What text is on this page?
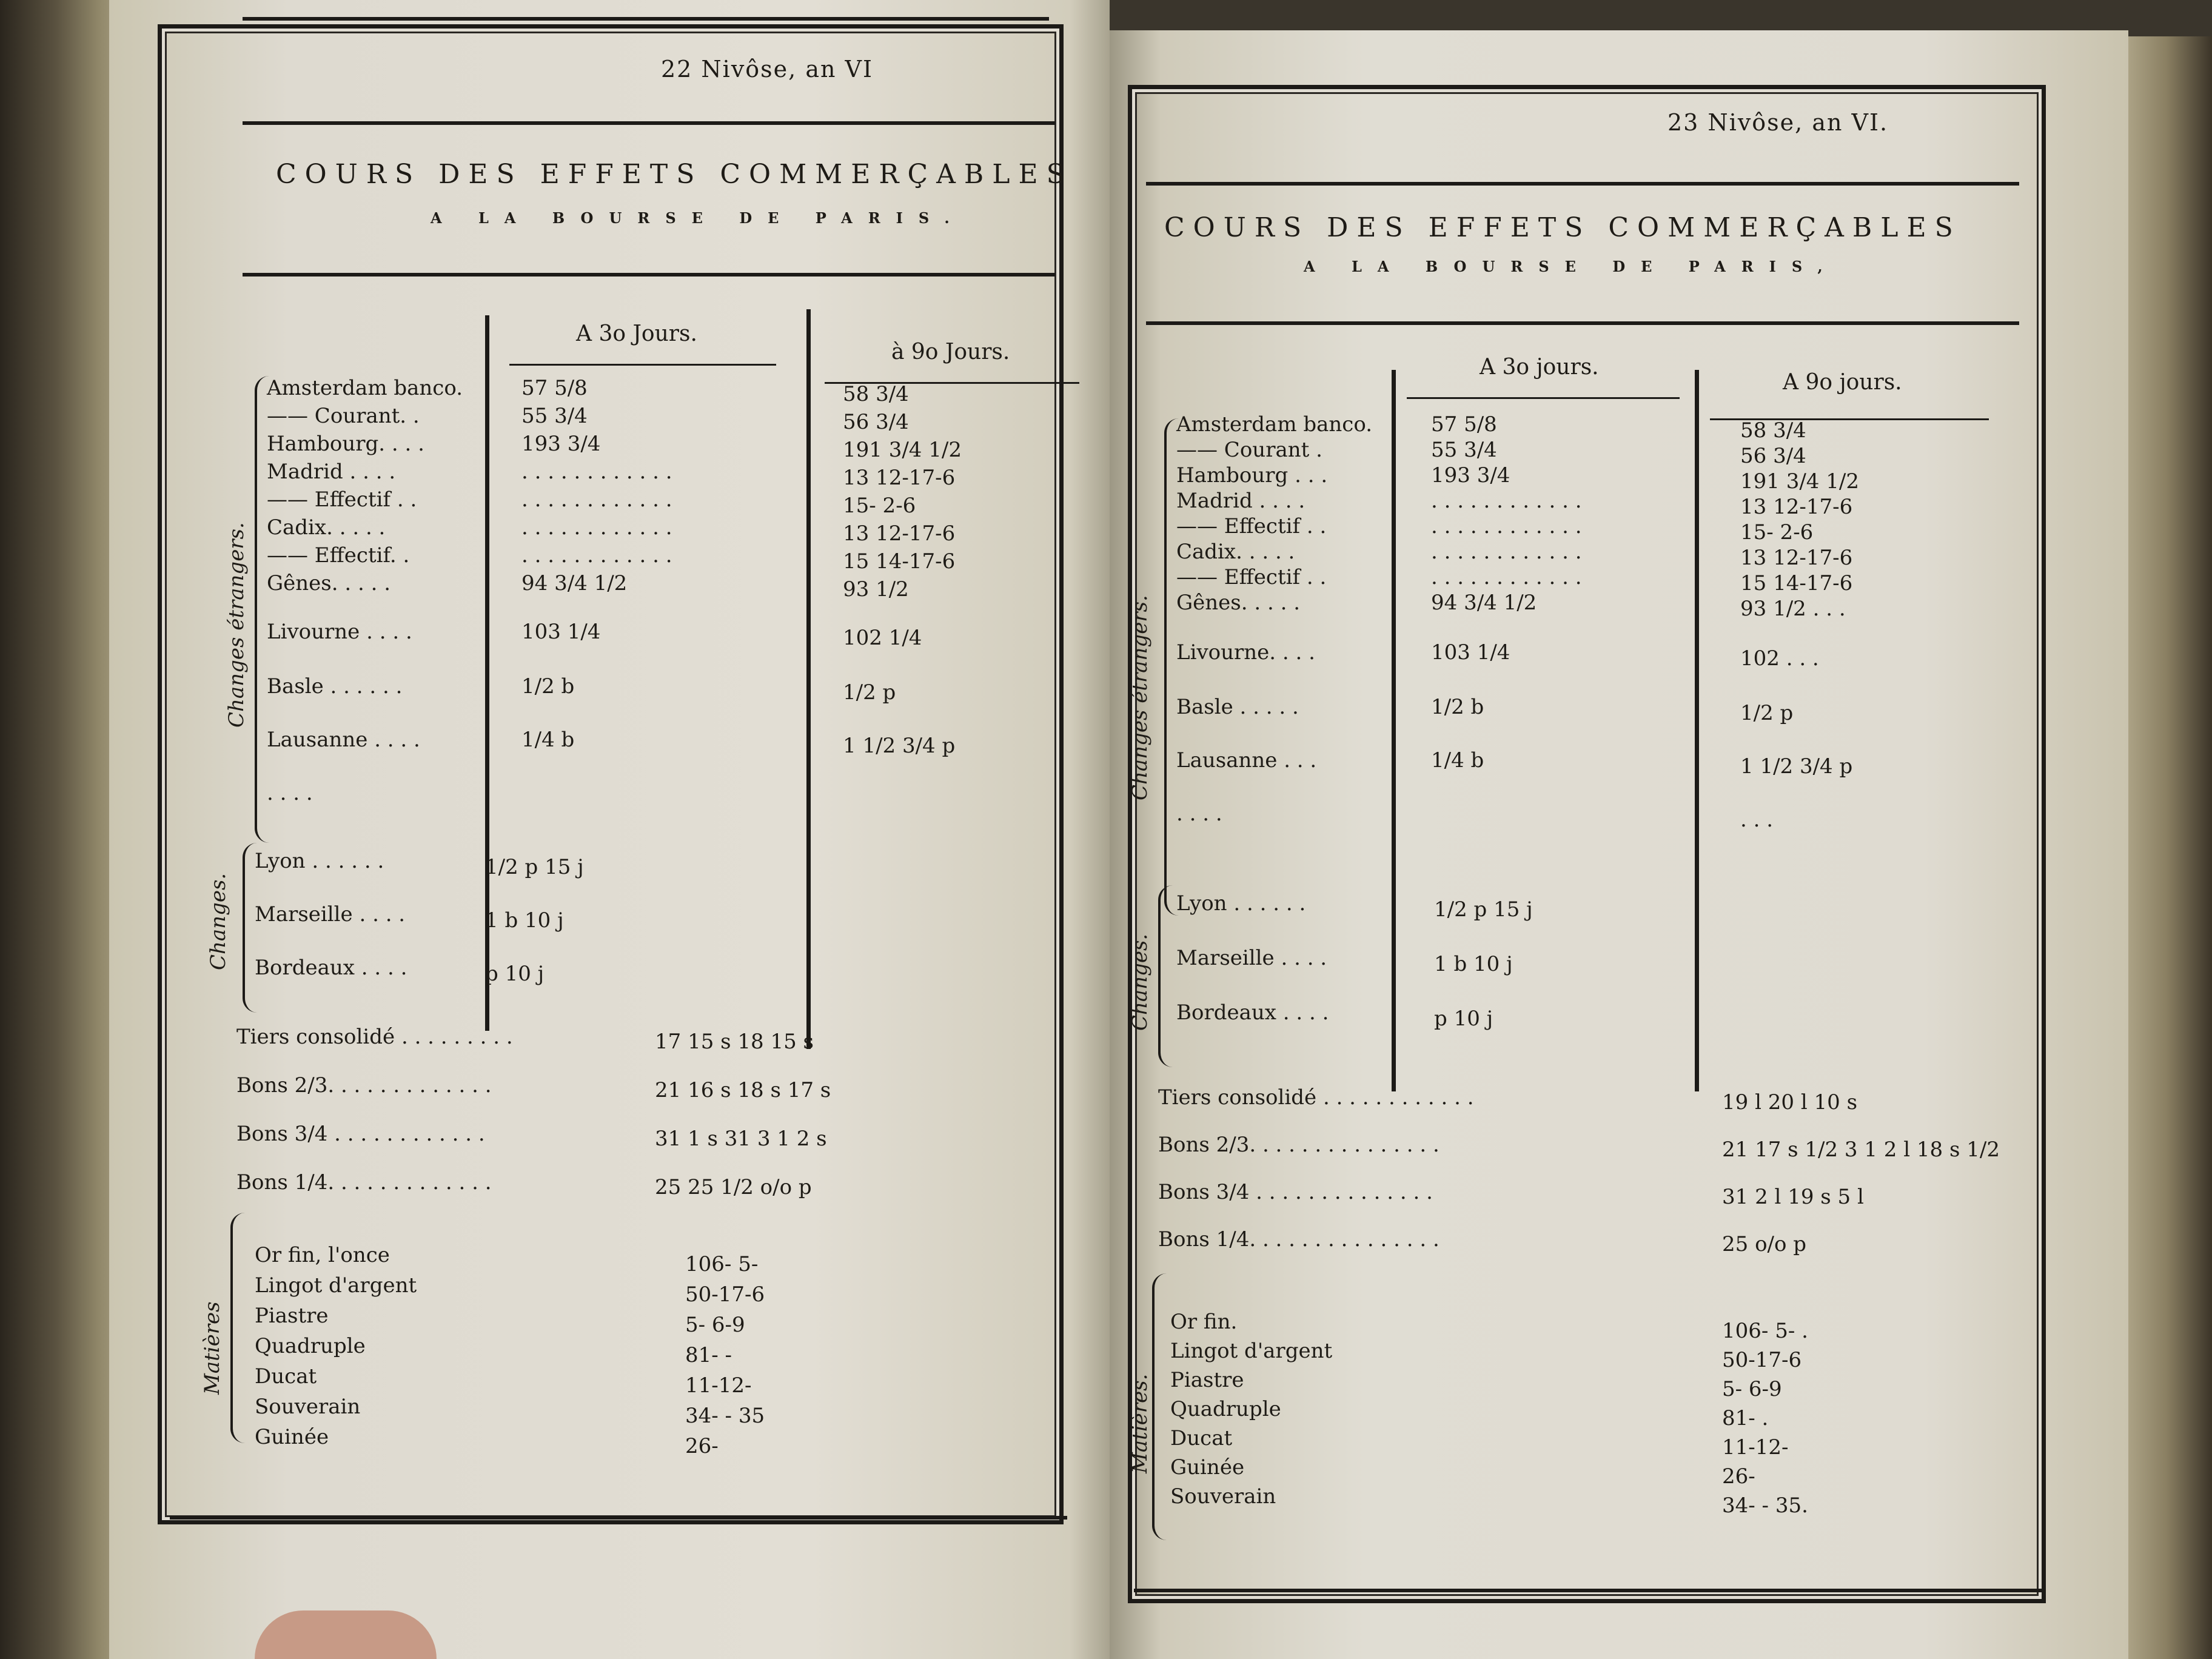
22 Nivôse, an VI
COURS DES EFFETS COMMERÇABLES
A LA BOURSE DE PARIS.
A 3o Jours.
à 9o Jours.
Changes étrangers.
Changes.
Matières
Amsterdam banco.	57 5/8	58 3/4
—— Courant. .	55 3/4	56 3/4
Hambourg. . . .	193 3/4	191 3/4 1/2
Madrid . . . .	. . . . . . . . . . . .	13 12-17-6
—— Effectif . .	. . . . . . . . . . . .	15- 2-6
Cadix. . . . .	. . . . . . . . . . . .	13 12-17-6
—— Effectif. .	. . . . . . . . . . . .	15 14-17-6
Gênes. . . . .	94 3/4 1/2	93 1/2
Livourne . . . .	103 1/4	102 1/4
Basle . . . . . .	1/2 b	1/2 p
Lausanne . . . .	1/4 b	1 1/2 3/4 p
. . . .
Lyon . . . . . .	1/2 p 15 j
Marseille . . . .	1 b 10 j
Bordeaux . . . .	p 10 j
Tiers consolidé . . . . . . . . .	17 15 s 18 15 s
Bons 2/3. . . . . . . . . . . . .	21 16 s 18 s 17 s
Bons 3/4 . . . . . . . . . . . .	31 1 s 31 3 1 2 s
Bons 1/4. . . . . . . . . . . . .	25 25 1/2 o/o p
Or fin, l'once	106- 5-
Lingot d'argent	50-17-6
Piastre	5- 6-9
Quadruple	81- -
Ducat	11-12-
Souverain	34- - 35
Guinée	26-
23 Nivôse, an VI.
COURS DES EFFETS COMMERÇABLES
A LA BOURSE DE PARIS,
A 3o jours.
A 9o jours.
Changes étrangers.
Changes.
Matières.
Amsterdam banco.	57 5/8	58 3/4
—— Courant .	55 3/4	56 3/4
Hambourg . . .	193 3/4	191 3/4 1/2
Madrid . . . .	. . . . . . . . . . . .	13 12-17-6
—— Effectif . .	. . . . . . . . . . . .	15- 2-6
Cadix. . . . .	. . . . . . . . . . . .	13 12-17-6
—— Effectif . .	. . . . . . . . . . . .	15 14-17-6
Gênes. . . . .	94 3/4 1/2	93 1/2 . . .
Livourne. . . .	103 1/4	102 . . .
Basle . . . . .	1/2 b	1/2 p
Lausanne . . .	1/4 b	1 1/2 3/4 p
. . . .	. . .
Lyon . . . . . .	1/2 p 15 j
Marseille . . . .	1 b 10 j
Bordeaux . . . .	p 10 j
Tiers consolidé . . . . . . . . . . . .	19 l 20 l 10 s
Bons 2/3. . . . . . . . . . . . . . .	21 17 s 1/2 3 1 2 l 18 s 1/2
Bons 3/4 . . . . . . . . . . . . . .	31 2 l 19 s 5 l
Bons 1/4. . . . . . . . . . . . . . .	25 o/o p
Or fin.	106- 5- .
Lingot d'argent	50-17-6
Piastre	5- 6-9
Quadruple	81- .
Ducat	11-12-
Guinée	26-
Souverain	34- - 35.
